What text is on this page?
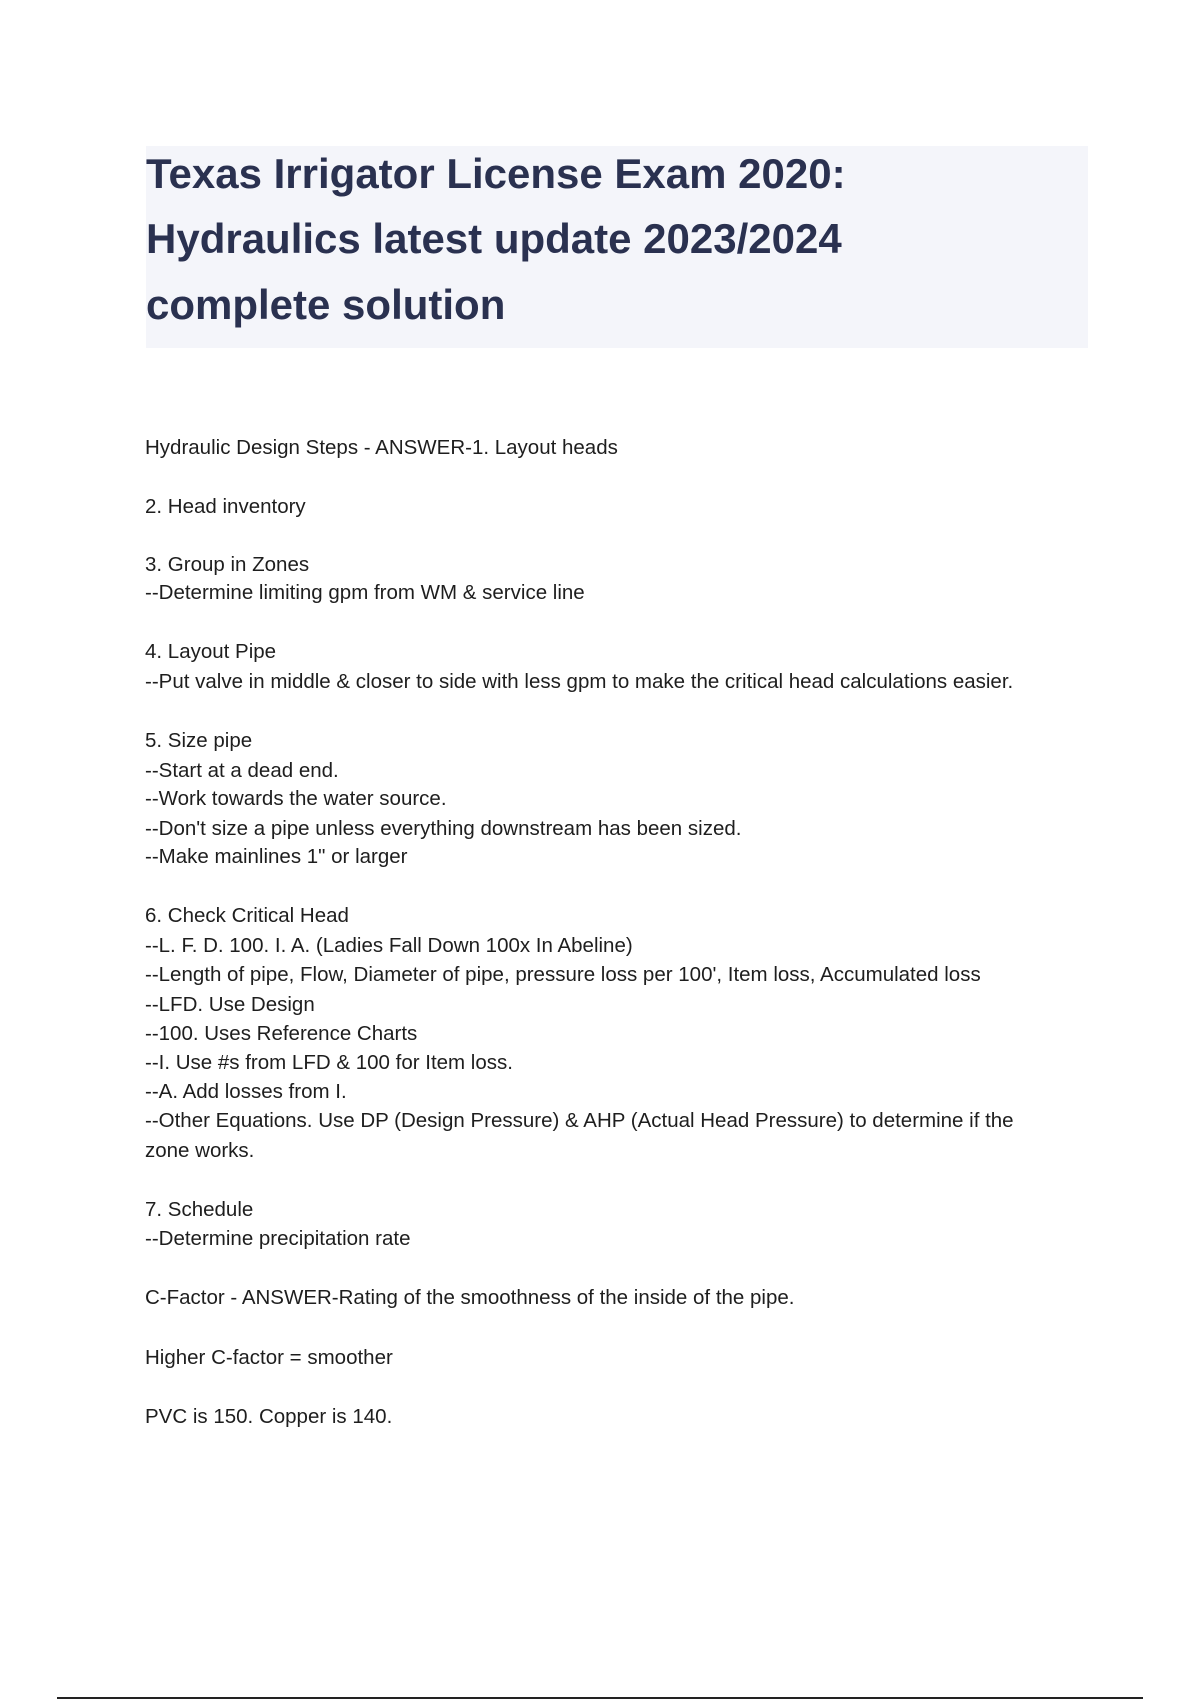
Texas Irrigator License Exam 2020:
Hydraulics latest update 2023/2024
complete solution
Hydraulic Design Steps - ANSWER-1. Layout heads
2. Head inventory
3. Group in Zones
--Determine limiting gpm from WM & service line
4. Layout Pipe
--Put valve in middle & closer to side with less gpm to make the critical head calculations easier.
5. Size pipe
--Start at a dead end.
--Work towards the water source.
--Don't size a pipe unless everything downstream has been sized.
--Make mainlines 1" or larger
6. Check Critical Head
--L. F. D. 100. I. A. (Ladies Fall Down 100x In Abeline)
--Length of pipe, Flow, Diameter of pipe, pressure loss per 100', Item loss, Accumulated loss
--LFD. Use Design
--100. Uses Reference Charts
--I. Use #s from LFD & 100 for Item loss.
--A. Add losses from I.
--Other Equations. Use DP (Design Pressure) & AHP (Actual Head Pressure) to determine if the
zone works.
7. Schedule
--Determine precipitation rate
C-Factor - ANSWER-Rating of the smoothness of the inside of the pipe.
Higher C-factor = smoother
PVC is 150. Copper is 140.
